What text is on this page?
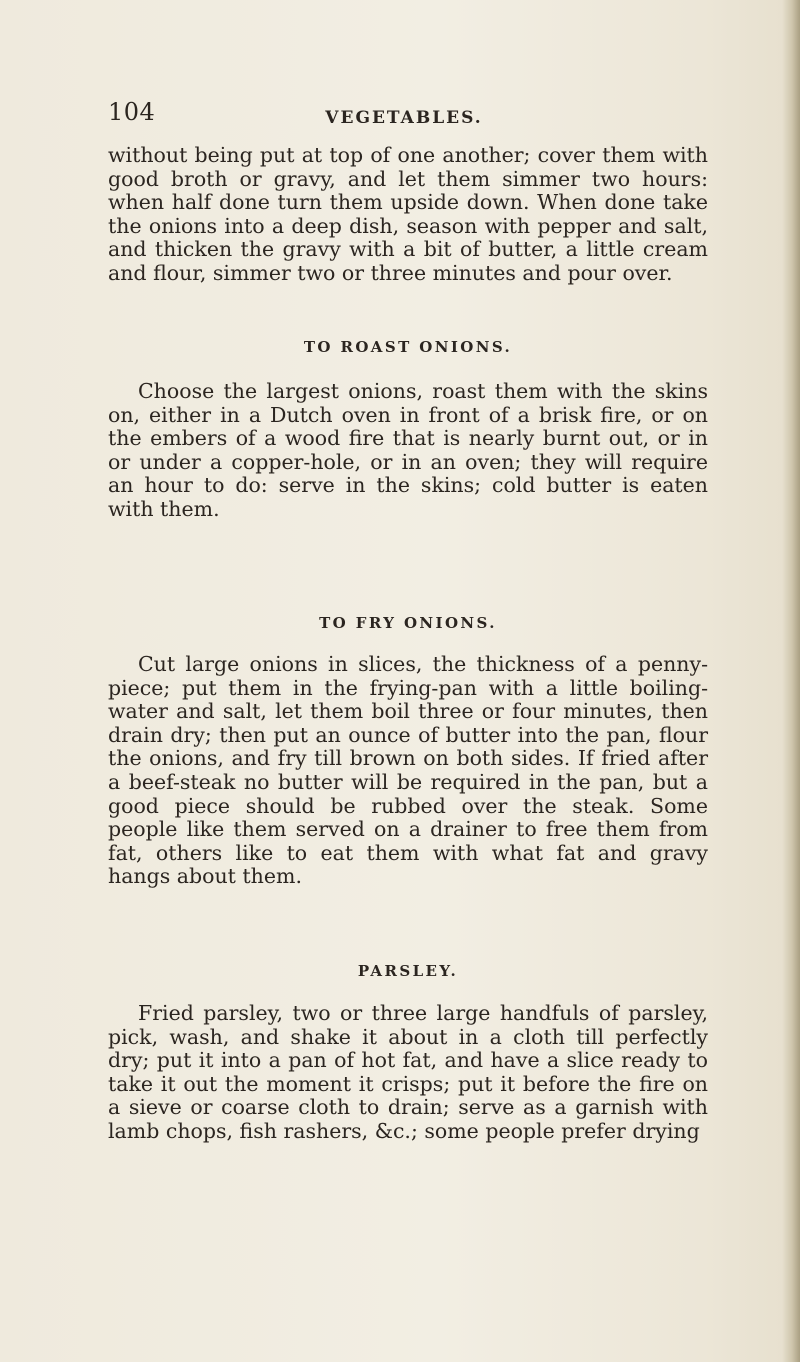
104	VEGETABLES.

without being put at top of one another; cover them with good broth or gravy, and let them simmer two hours: when half done turn them upside down. When done take the onions into a deep dish, season with pepper and salt, and thicken the gravy with a bit of butter, a little cream and flour, simmer two or three minutes and pour over.

TO ROAST ONIONS.

Choose the largest onions, roast them with the skins on, either in a Dutch oven in front of a brisk fire, or on the embers of a wood fire that is nearly burnt out, or in or under a copper-hole, or in an oven; they will require an hour to do: serve in the skins; cold butter is eaten with them.

TO FRY ONIONS.

Cut large onions in slices, the thickness of a penny-piece; put them in the frying-pan with a little boiling-water and salt, let them boil three or four minutes, then drain dry; then put an ounce of butter into the pan, flour the onions, and fry till brown on both sides. If fried after a beef-steak no butter will be required in the pan, but a good piece should be rubbed over the steak. Some people like them served on a drainer to free them from fat, others like to eat them with what fat and gravy hangs about them.

PARSLEY.

Fried parsley, two or three large handfuls of parsley, pick, wash, and shake it about in a cloth till perfectly dry; put it into a pan of hot fat, and have a slice ready to take it out the moment it crisps; put it before the fire on a sieve or coarse cloth to drain; serve as a garnish with lamb chops, fish rashers, &c.; some people prefer drying
